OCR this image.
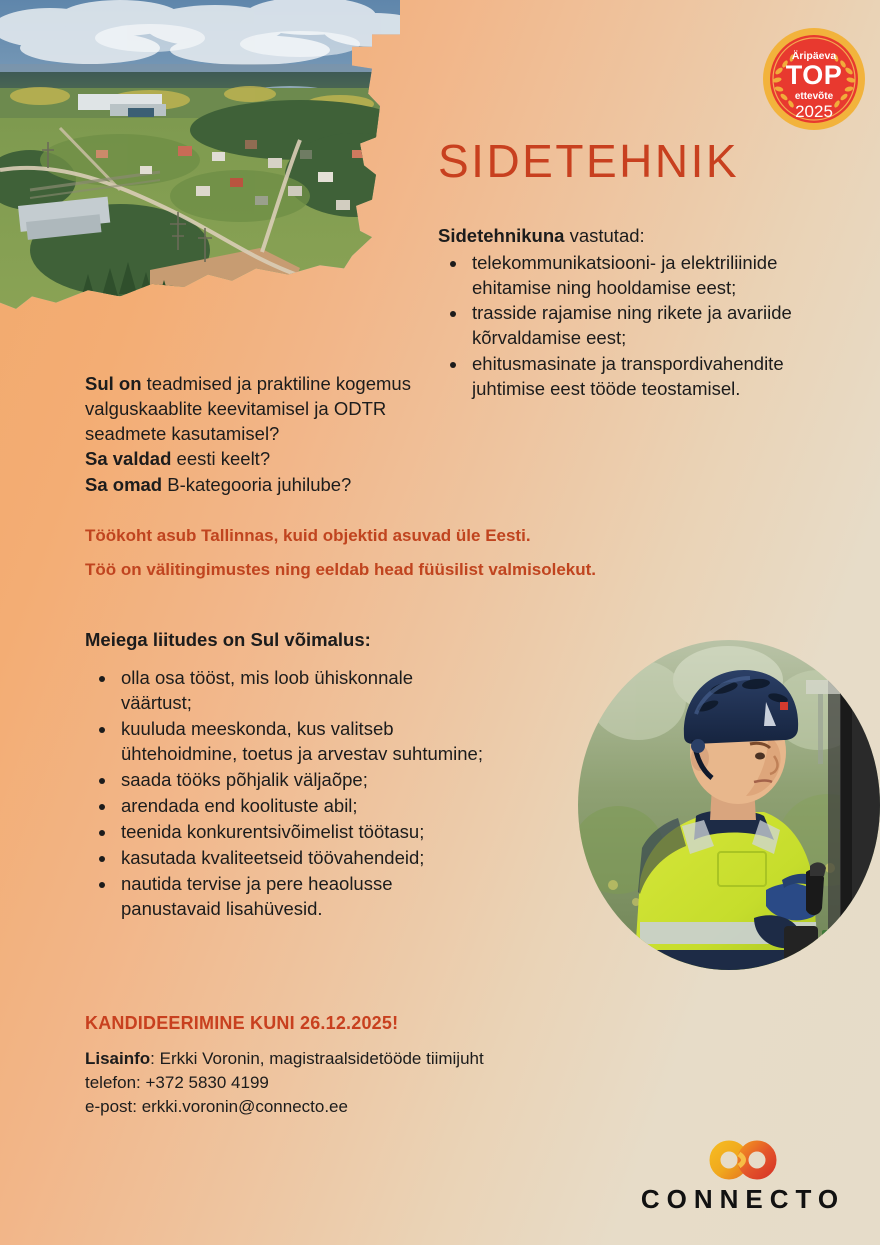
Äripäeva
TOP
ettevõte
2025
SIDETEHNIK

Sidetehnikuna vastutad:

• telekommunikatsiooni- ja elektriliinide ehitamise ning hooldamise eest;
• trasside rajamise ning rikete ja avariide kõrvaldamise eest;
• ehitusmasinate ja transpordivahendite juhtimise eest tööde teostamisel.

Sul on teadmised ja praktiline kogemus valguskaablite keevitamisel ja ODTR seadmete kasutamisel?

Sa valdad eesti keelt?

Sa omad B-kategooria juhilube?

Töökoht asub Tallinnas, kuid objektid asuvad üle Eesti.

Töö on välitingimustes ning eeldab head füüsilist valmisolekut.

Meiega liitudes on Sul võimalus:
• olla osa tööst, mis loob ühiskonnale väärtust;
• kuuluda meeskonda, kus valitseb ühtehoidmine, toetus ja arvestav suhtumine;
• saada tööks põhjalik väljaõpe;
• arendada end koolituste abil;
• teenida konkurentsivõimelist töötasu;
• kasutada kvaliteetseid töövahendeid;
• nautida tervise ja pere heaolusse panustavaid lisahüvesid.
KANDIDEERIMINE KUNI 26.12.2025!

Lisainfo: Erkki Voronin, magistraalsidetööde tiimijuht

telefon: +372 5830 4199

e-post: erkki.voronin@connecto.ee

CONNECTO
